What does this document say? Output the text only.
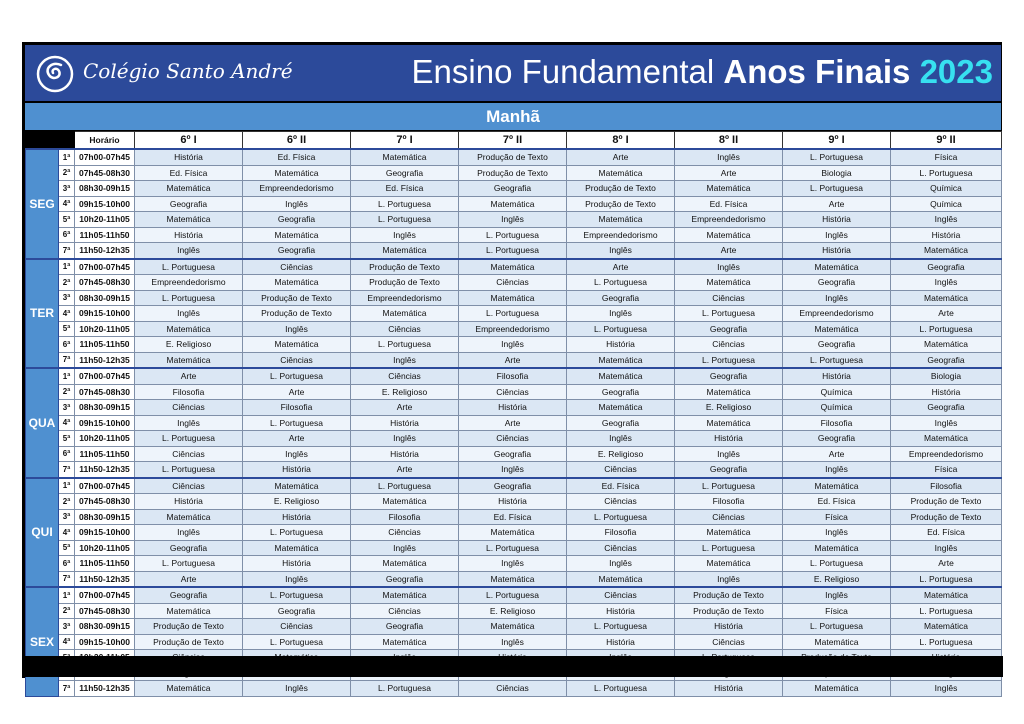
Colégio Santo André	Ensino Fundamental Anos Finais 2023
Manhã
		Horário	6º I	6º II	7º I	7º II	8º I	8º II	9º I	9º II
SEG	1ª	07h00-07h45	História	Ed. Física	Matemática	Produção de Texto	Arte	Inglês	L. Portuguesa	Física
	2ª	07h45-08h30	Ed. Física	Matemática	Geografia	Produção de Texto	Matemática	Arte	Biologia	L. Portuguesa
	3ª	08h30-09h15	Matemática	Empreendedorismo	Ed. Física	Geografia	Produção de Texto	Matemática	L. Portuguesa	Química
	4ª	09h15-10h00	Geografia	Inglês	L. Portuguesa	Matemática	Produção de Texto	Ed. Física	Arte	Química
	5ª	10h20-11h05	Matemática	Geografia	L. Portuguesa	Inglês	Matemática	Empreendedorismo	História	Inglês
	6ª	11h05-11h50	História	Matemática	Inglês	L. Portuguesa	Empreendedorismo	Matemática	Inglês	História
	7ª	11h50-12h35	Inglês	Geografia	Matemática	L. Portuguesa	Inglês	Arte	História	Matemática
TER	1ª	07h00-07h45	L. Portuguesa	Ciências	Produção de Texto	Matemática	Arte	Inglês	Matemática	Geografia
	2ª	07h45-08h30	Empreendedorismo	Matemática	Produção de Texto	Ciências	L. Portuguesa	Matemática	Geografia	Inglês
	3ª	08h30-09h15	L. Portuguesa	Produção de Texto	Empreendedorismo	Matemática	Geografia	Ciências	Inglês	Matemática
	4ª	09h15-10h00	Inglês	Produção de Texto	Matemática	L. Portuguesa	Inglês	L. Portuguesa	Empreendedorismo	Arte
	5ª	10h20-11h05	Matemática	Inglês	Ciências	Empreendedorismo	L. Portuguesa	Geografia	Matemática	L. Portuguesa
	6ª	11h05-11h50	E. Religioso	Matemática	L. Portuguesa	Inglês	História	Ciências	Geografia	Matemática
	7ª	11h50-12h35	Matemática	Ciências	Inglês	Arte	Matemática	L. Portuguesa	L. Portuguesa	Geografia
QUA	1ª	07h00-07h45	Arte	L. Portuguesa	Ciências	Filosofia	Matemática	Geografia	História	Biologia
	2ª	07h45-08h30	Filosofia	Arte	E. Religioso	Ciências	Geografia	Matemática	Química	História
	3ª	08h30-09h15	Ciências	Filosofia	Arte	História	Matemática	E. Religioso	Química	Geografia
	4ª	09h15-10h00	Inglês	L. Portuguesa	História	Arte	Geografia	Matemática	Filosofia	Inglês
	5ª	10h20-11h05	L. Portuguesa	Arte	Inglês	Ciências	Inglês	História	Geografia	Matemática
	6ª	11h05-11h50	Ciências	Inglês	História	Geografia	E. Religioso	Inglês	Arte	Empreendedorismo
	7ª	11h50-12h35	L. Portuguesa	História	Arte	Inglês	Ciências	Geografia	Inglês	Física
QUI	1ª	07h00-07h45	Ciências	Matemática	L. Portuguesa	Geografia	Ed. Física	L. Portuguesa	Matemática	Filosofia
	2ª	07h45-08h30	História	E. Religioso	Matemática	História	Ciências	Filosofia	Ed. Física	Produção de Texto
	3ª	08h30-09h15	Matemática	História	Filosofia	Ed. Física	L. Portuguesa	Ciências	Física	Produção de Texto
	4ª	09h15-10h00	Inglês	L. Portuguesa	Ciências	Matemática	Filosofia	Matemática	Inglês	Ed. Física
	5ª	10h20-11h05	Geografia	Matemática	Inglês	L. Portuguesa	Ciências	L. Portuguesa	Matemática	Inglês
	6ª	11h05-11h50	L. Portuguesa	História	Matemática	Inglês	Inglês	Matemática	L. Portuguesa	Arte
	7ª	11h50-12h35	Arte	Inglês	Geografia	Matemática	Matemática	Inglês	E. Religioso	L. Portuguesa
SEX	1ª	07h00-07h45	Geografia	L. Portuguesa	Matemática	L. Portuguesa	Ciências	Produção de Texto	Inglês	Matemática
	2ª	07h45-08h30	Matemática	Geografia	Ciências	E. Religioso	História	Produção de Texto	Física	L. Portuguesa
	3ª	08h30-09h15	Produção de Texto	Ciências	Geografia	Matemática	L. Portuguesa	História	L. Portuguesa	Matemática
	4ª	09h15-10h00	Produção de Texto	L. Portuguesa	Matemática	Inglês	História	Ciências	Matemática	L. Portuguesa

	7ª	11h50-12h35	Matemática	Inglês	L. Portuguesa	Ciências	L. Portuguesa	História	Matemática	Inglês
